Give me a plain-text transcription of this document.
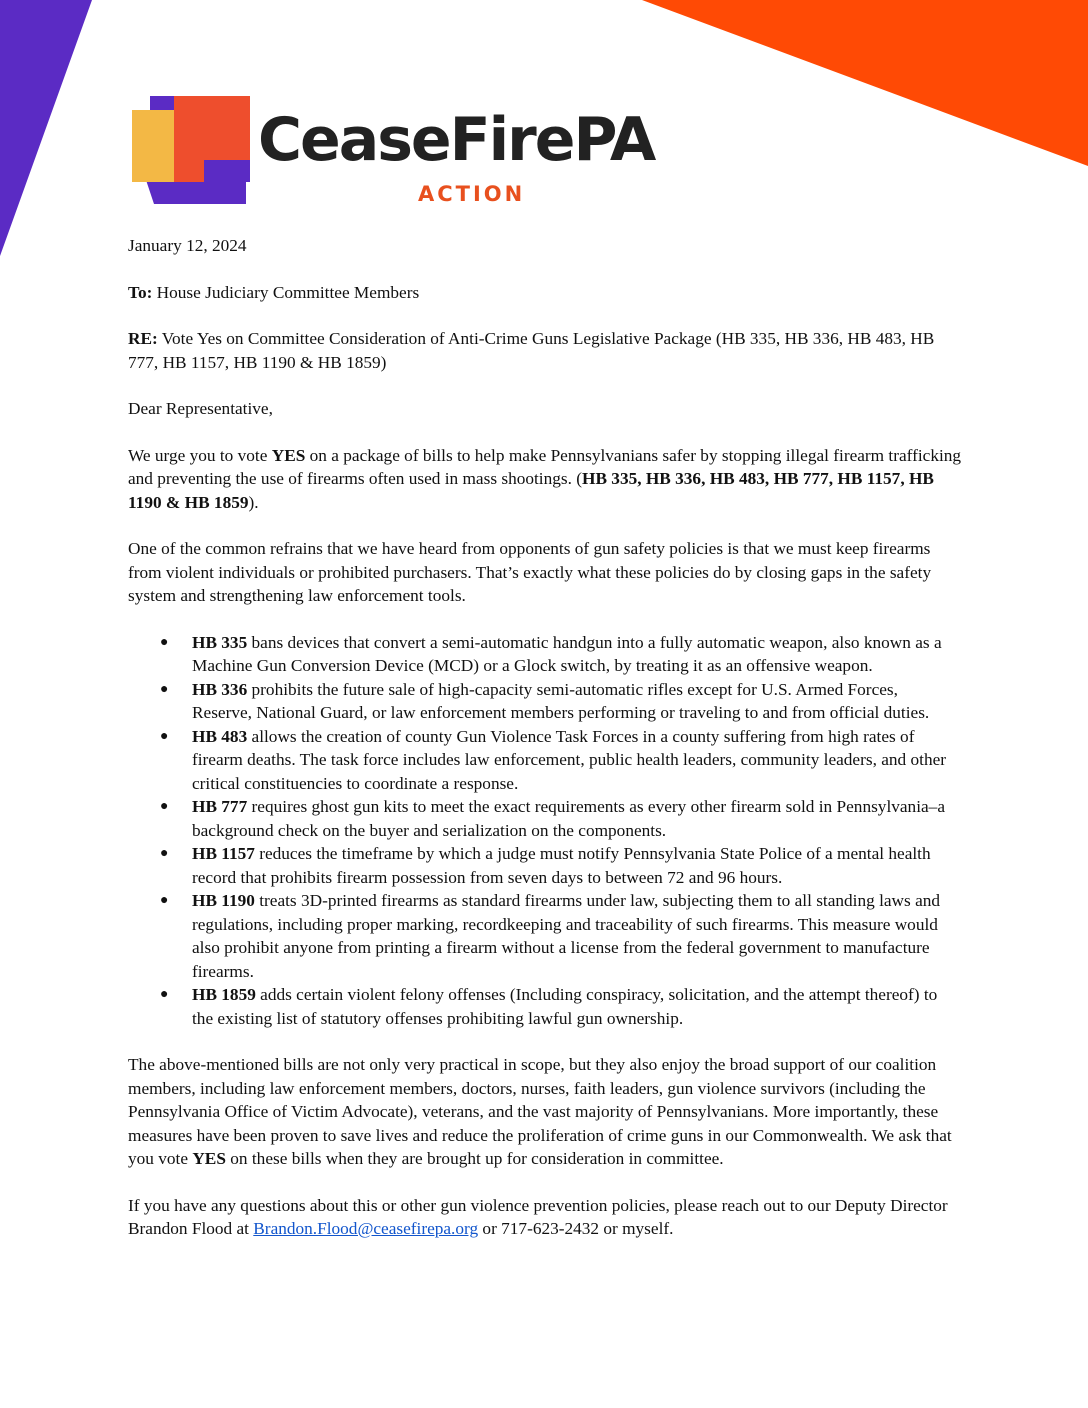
CeaseFirePA
ACTION

January 12, 2024

To: House Judiciary Committee Members

RE: Vote Yes on Committee Consideration of Anti-Crime Guns Legislative Package (HB 335, HB 336, HB 483, HB 777, HB 1157, HB 1190 & HB 1859)

Dear Representative,

We urge you to vote YES on a package of bills to help make Pennsylvanians safer by stopping illegal firearm trafficking and preventing the use of firearms often used in mass shootings. (HB 335, HB 336, HB 483, HB 777, HB 1157, HB 1190 & HB 1859).

One of the common refrains that we have heard from opponents of gun safety policies is that we must keep firearms from violent individuals or prohibited purchasers. That’s exactly what these policies do by closing gaps in the safety system and strengthening law enforcement tools.

● HB 335 bans devices that convert a semi-automatic handgun into a fully automatic weapon, also known as a Machine Gun Conversion Device (MCD) or a Glock switch, by treating it as an offensive weapon.
● HB 336 prohibits the future sale of high-capacity semi-automatic rifles except for U.S. Armed Forces, Reserve, National Guard, or law enforcement members performing or traveling to and from official duties.
● HB 483 allows the creation of county Gun Violence Task Forces in a county suffering from high rates of firearm deaths. The task force includes law enforcement, public health leaders, community leaders, and other critical constituencies to coordinate a response.
● HB 777 requires ghost gun kits to meet the exact requirements as every other firearm sold in Pennsylvania–a background check on the buyer and serialization on the components.
● HB 1157 reduces the timeframe by which a judge must notify Pennsylvania State Police of a mental health record that prohibits firearm possession from seven days to between 72 and 96 hours.
● HB 1190 treats 3D-printed firearms as standard firearms under law, subjecting them to all standing laws and regulations, including proper marking, recordkeeping and traceability of such firearms. This measure would also prohibit anyone from printing a firearm without a license from the federal government to manufacture firearms.
● HB 1859 adds certain violent felony offenses (Including conspiracy, solicitation, and the attempt thereof) to the existing list of statutory offenses prohibiting lawful gun ownership.

The above-mentioned bills are not only very practical in scope, but they also enjoy the broad support of our coalition members, including law enforcement members, doctors, nurses, faith leaders, gun violence survivors (including the Pennsylvania Office of Victim Advocate), veterans, and the vast majority of Pennsylvanians. More importantly, these measures have been proven to save lives and reduce the proliferation of crime guns in our Commonwealth. We ask that you vote YES on these bills when they are brought up for consideration in committee.

If you have any questions about this or other gun violence prevention policies, please reach out to our Deputy Director Brandon Flood at Brandon.Flood@ceasefirepa.org or 717-623-2432 or myself.
